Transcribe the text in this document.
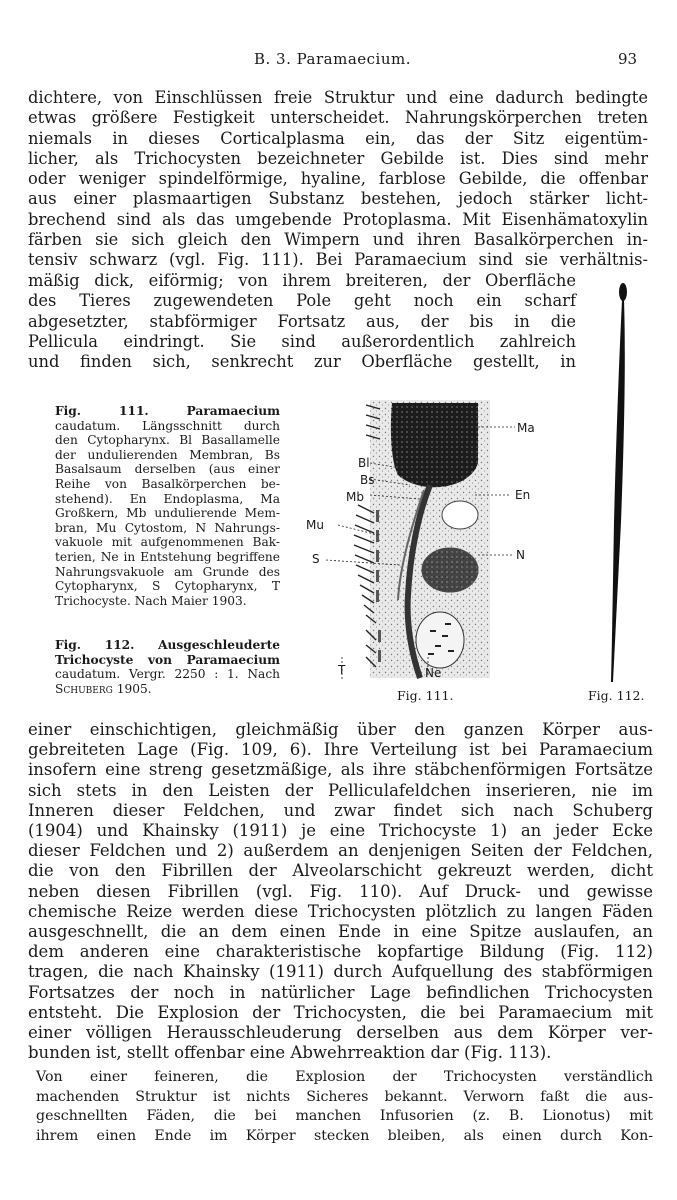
B. 3. Paramaecium.	93
dichtere, von Einschlüssen freie Struktur und eine dadurch bedingte
etwas größere Festigkeit unterscheidet. Nahrungskörperchen treten
niemals in dieses Corticalplasma ein, das der Sitz eigentüm-
licher, als Trichocysten bezeichneter Gebilde ist. Dies sind mehr
oder weniger spindelförmige, hyaline, farblose Gebilde, die offenbar
aus einer plasmaartigen Substanz bestehen, jedoch stärker licht-
brechend sind als das umgebende Protoplasma. Mit Eisenhämatoxylin
färben sie sich gleich den Wimpern und ihren Basalkörperchen in-
tensiv schwarz (vgl. Fig. 111). Bei Paramaecium sind sie verhältnis-
mäßig dick, eiförmig; von ihrem breiteren, der Oberfläche
des Tieres zugewendeten Pole geht noch ein scharf
abgesetzter, stabförmiger Fortsatz aus, der bis in die
Pellicula eindringt. Sie sind außerordentlich zahlreich
und finden sich, senkrecht zur Oberfläche gestellt, in
Fig. 111. Paramaecium
caudatum. Längsschnitt durch
den Cytopharynx. Bl Basallamelle
der undulierenden Membran, Bs
Basalsaum derselben (aus einer
Reihe von Basalkörperchen be-
stehend). En Endoplasma, Ma
Großkern, Mb undulierende Mem-
bran, Mu Cytostom, N Nahrungs-
vakuole mit aufgenommenen Bak-
terien, Ne in Entstehung begriffene
Nahrungsvakuole am Grunde des
Cytopharynx, S Cytopharynx, T
Trichocyste. Nach Maier 1903.
Fig. 112. Ausgeschleuderte
Trichocyste von Paramaecium
caudatum. Vergr. 2250 : 1. Nach
Schuberg 1905.
Ma
Bl
Bs
Mb	En
Mu
S	N
T	Ne
Fig. 111.	Fig. 112.
einer einschichtigen, gleichmäßig über den ganzen Körper aus-
gebreiteten Lage (Fig. 109, 6). Ihre Verteilung ist bei Paramaecium
insofern eine streng gesetzmäßige, als ihre stäbchenförmigen Fortsätze
sich stets in den Leisten der Pelliculafeldchen inserieren, nie im
Inneren dieser Feldchen, und zwar findet sich nach Schuberg
(1904) und Khainsky (1911) je eine Trichocyste 1) an jeder Ecke
dieser Feldchen und 2) außerdem an denjenigen Seiten der Feldchen,
die von den Fibrillen der Alveolarschicht gekreuzt werden, dicht
neben diesen Fibrillen (vgl. Fig. 110). Auf Druck- und gewisse
chemische Reize werden diese Trichocysten plötzlich zu langen Fäden
ausgeschnellt, die an dem einen Ende in eine Spitze auslaufen, an
dem anderen eine charakteristische kopfartige Bildung (Fig. 112)
tragen, die nach Khainsky (1911) durch Aufquellung des stabförmigen
Fortsatzes der noch in natürlicher Lage befindlichen Trichocysten
entsteht. Die Explosion der Trichocysten, die bei Paramaecium mit
einer völligen Herausschleuderung derselben aus dem Körper ver-
bunden ist, stellt offenbar eine Abwehrreaktion dar (Fig. 113).
Von einer feineren, die Explosion der Trichocysten verständlich
machenden Struktur ist nichts Sicheres bekannt. Verworn faßt die aus-
geschnellten Fäden, die bei manchen Infusorien (z. B. Lionotus) mit
ihrem einen Ende im Körper stecken bleiben, als einen durch Kon-
